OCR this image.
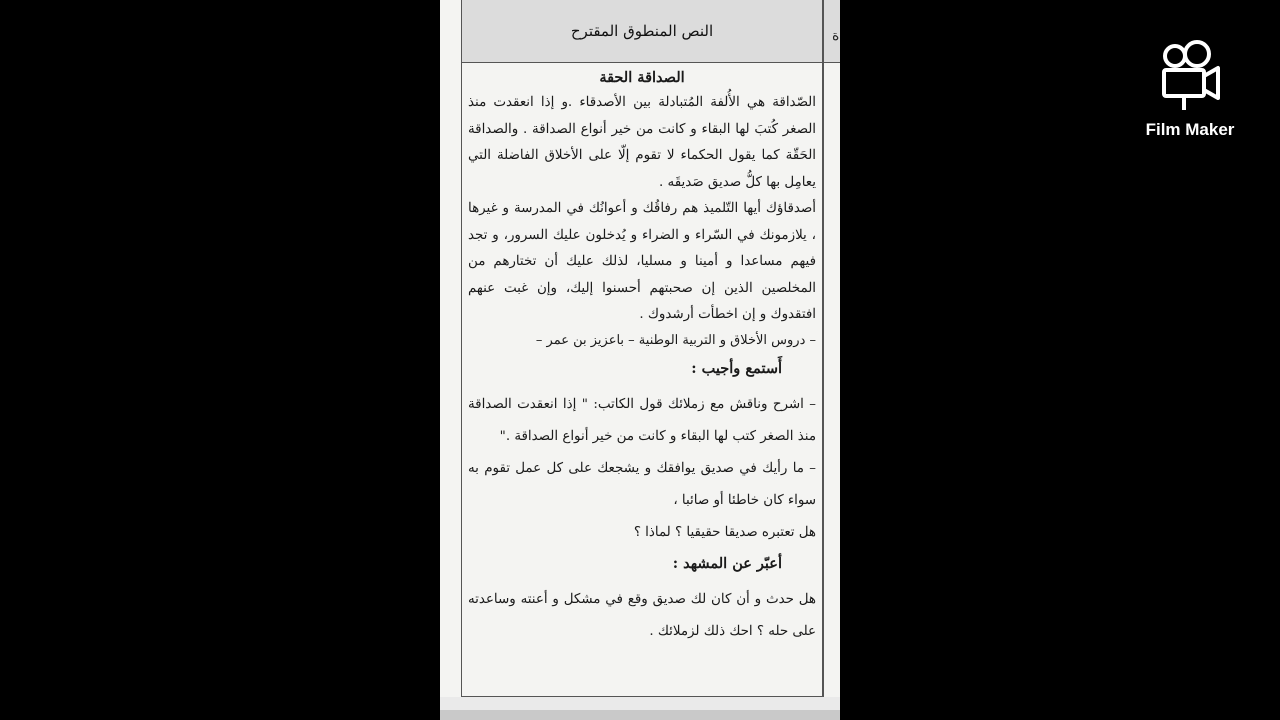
النص المنطوق المقترح
الصداقة الحقة

الصّداقة هي الأُلفة المُتبادلة بين الأصدقاء .و إذا انعقدت منذ الصغر كُتبَ لها البقاء و كانت من خير أنواع الصداقة . والصداقة الحَقّة كما يقول الحكماء لا تقوم إلّا على الأخلاق الفاضلة التي يعامِل بها كلُّ صديق صَديقَه .

أصدقاؤك أيها التّلميذ هم رفاقُك و أعوانُك في المدرسة و غيرها ، يلازمونك في السّراء و الضراء و يُدخلون عليك السرور، و تجد فيهم مساعدا و أمينا و مسليا، لذلك عليك أن تختارهم من المخلصين الذين إن صحبتهم أحسنوا إليك، وإن غبت عنهم افتقدوك و إن اخطأت أرشدوك .

– دروس الأخلاق و التربية الوطنية – باعزيز بن عمر –

أَستمع وأجيب :

– اشرح وناقش مع زملائك قول الكاتب: " إذا انعقدت الصداقة منذ الصغر كتب لها البقاء و كانت من خير أنواع الصداقة ."

– ما رأيك في صديق يوافقك و يشجعك على كل عمل تقوم به سواء كان خاطئا أو صائبا ،

هل تعتبره صديقا حقيقيا ؟ لماذا ؟

أعبّر عن المشهد :

هل حدث و أن كان لك صديق وقع في مشكل و أعنته وساعدته على حله ؟ احك ذلك لزملائك .

ة
Film Maker
